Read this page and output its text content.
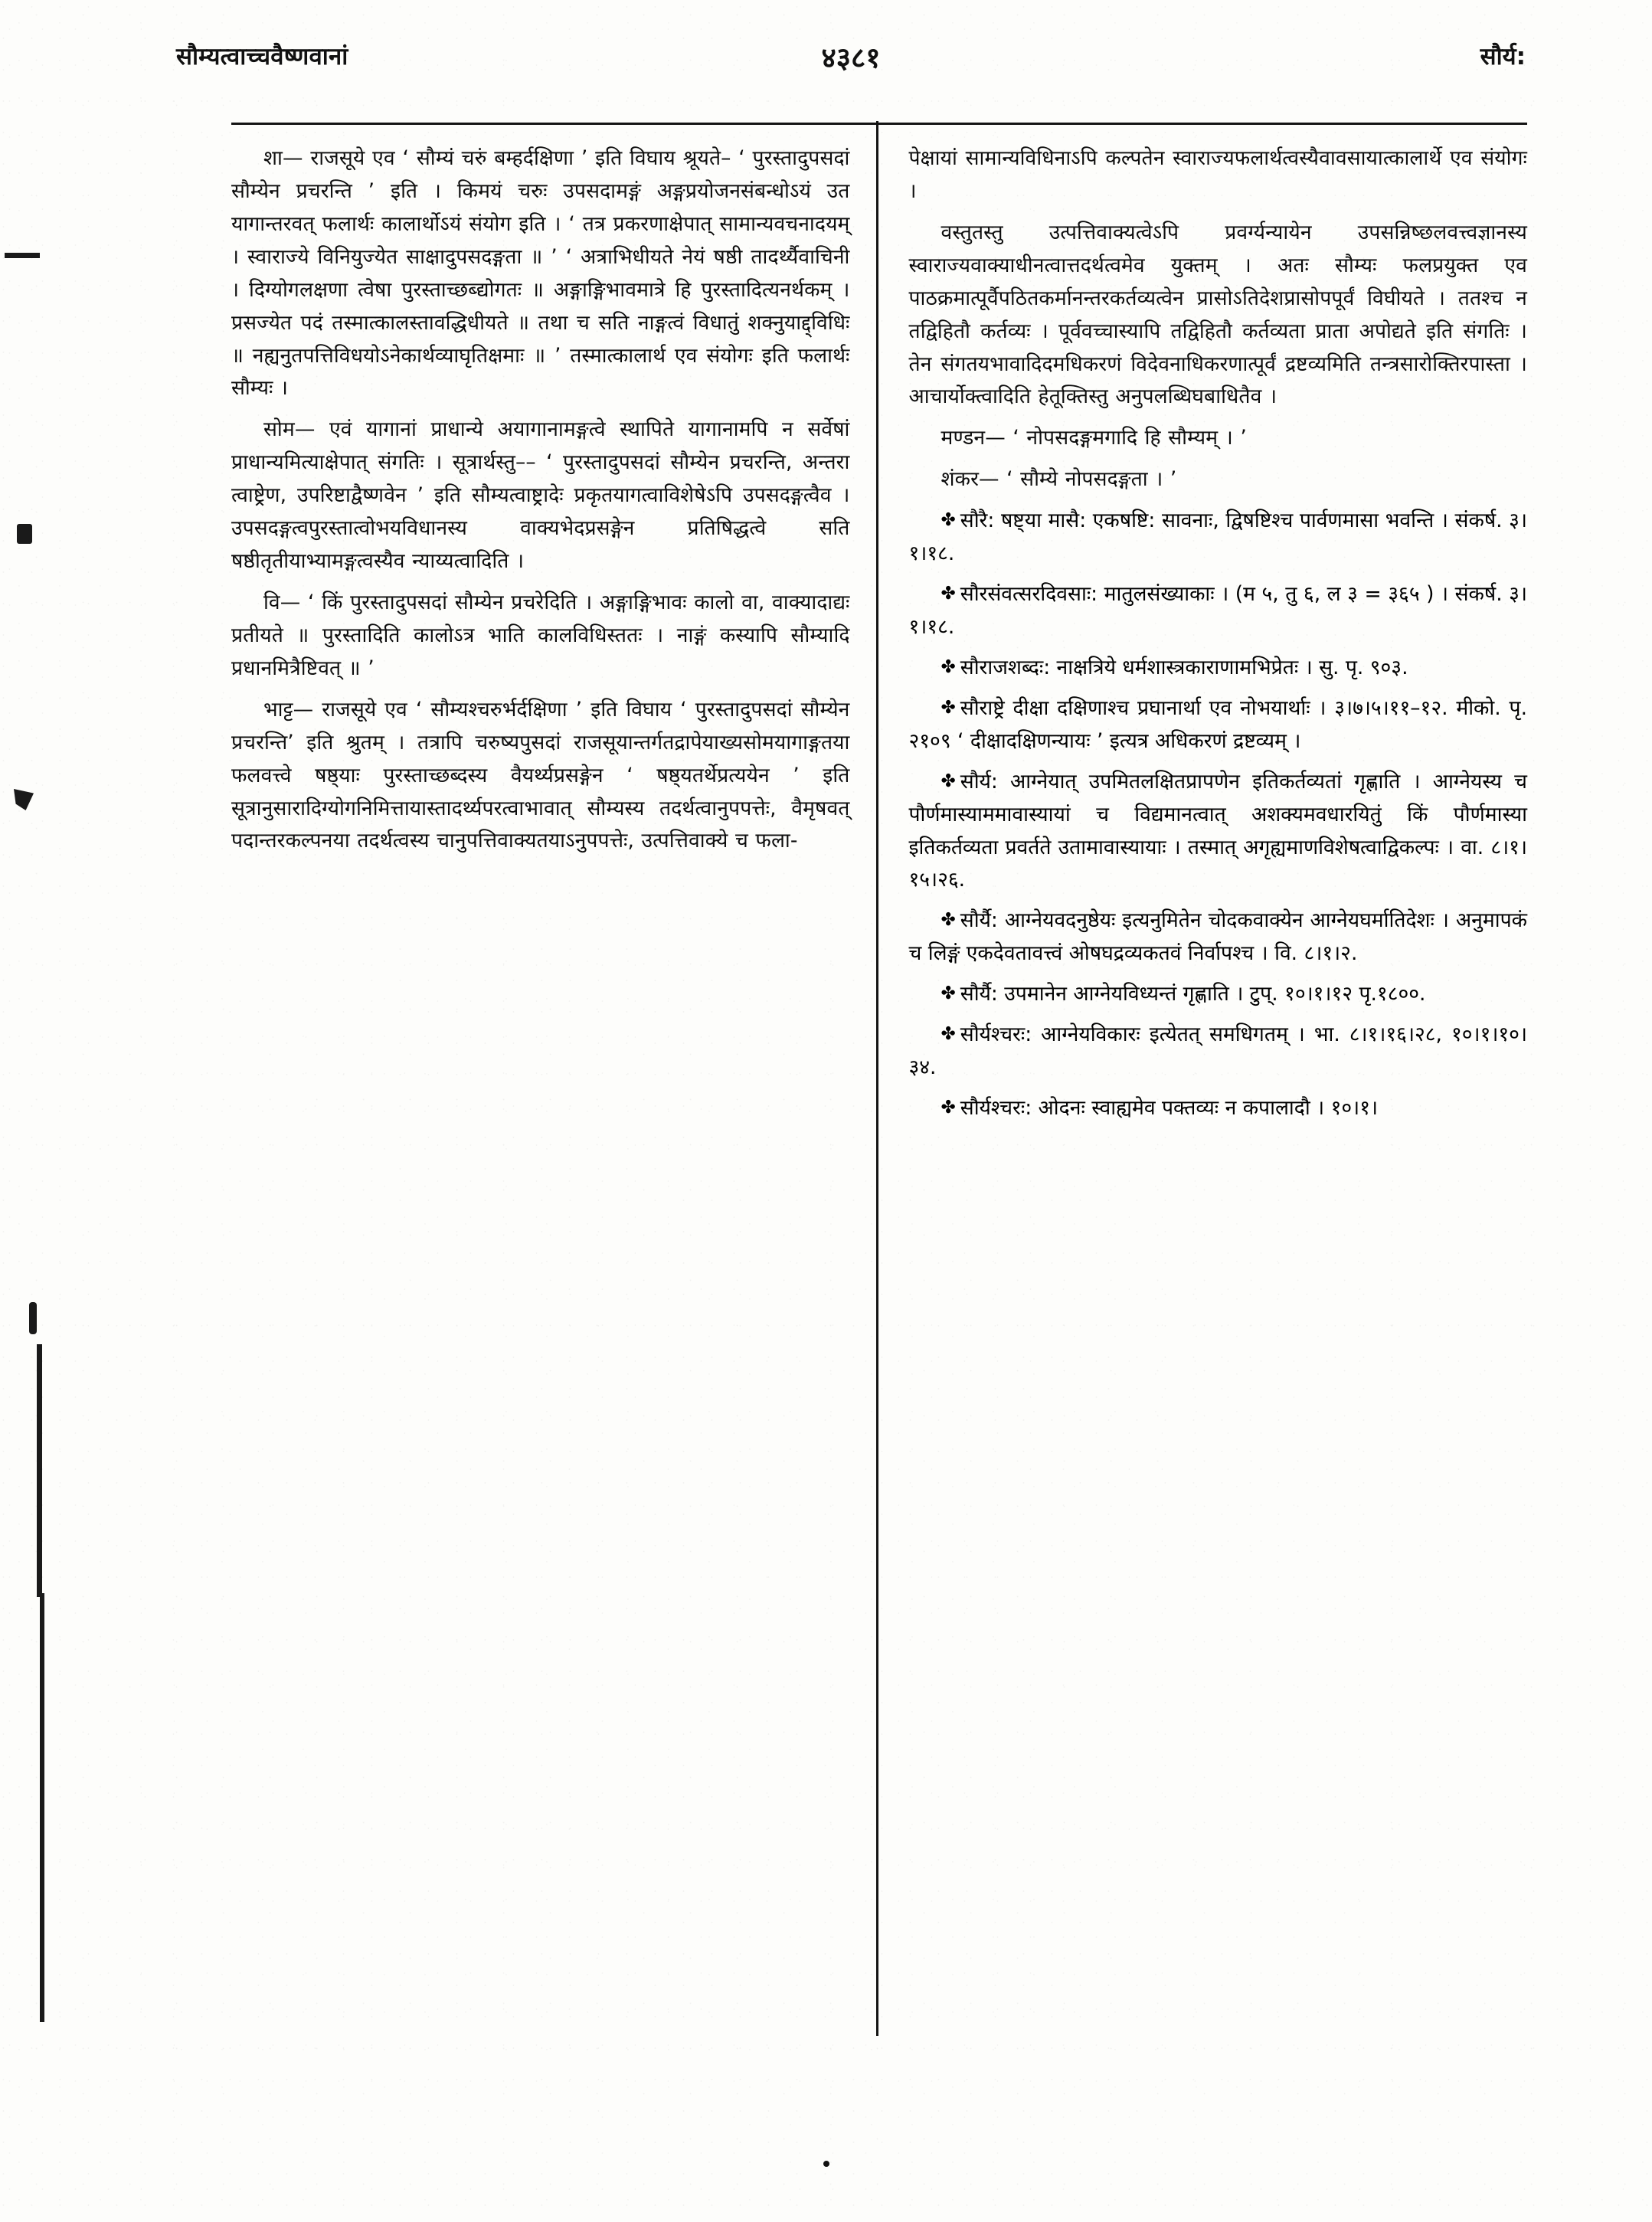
सौम्यत्वाच्चवैष्णवानां	४३८१	सौर्य:

शा— राजसूये एव ‘ सौम्यं चरुं बम्हर्दक्षिणा ’ इति विघाय श्रूयते– ‘ पुरस्तादुपसदां सौम्येन प्रचरन्ति ’ इति । किमयं चरुः उपसदामङ्गं अङ्गप्रयोजनसंबन्धोऽयं उत यागान्तरवत् फलार्थः कालार्थोऽयं संयोग इति । ‘ तत्र प्रकरणाक्षेपात् सामान्यवचनादयम् । स्वाराज्ये विनियुज्येत साक्षादुपसदङ्गता ॥ ’ ‘ अत्राभिधीयते नेयं षष्ठी तादर्थ्यैवाचिनी । दिग्योगलक्षणा त्वेषा पुरस्ताच्छब्द्योगतः ॥ अङ्गाङ्गिभावमात्रे हि पुरस्तादित्यनर्थकम् । प्रसज्येत पदं तस्मात्कालस्तावद्धिधीयते ॥ तथा च सति नाङ्गत्वं विधातुं शक्नुयाद्द्विधिः ॥ नह्यनुतपत्तिविधयोऽनेकार्थव्याघृतिक्षमाः ॥ ’ तस्मात्कालार्थ एव संयोगः इति फलार्थः सौम्यः ।

सोम— एवं यागानां प्राधान्ये अयागानामङ्गत्वे स्थापिते यागानामपि न सर्वेषां प्राधान्यमित्याक्षेपात् संगतिः । सूत्रार्थस्तु–– ‘ पुरस्तादुपसदां सौम्येन प्रचरन्ति, अन्तरा त्वाष्ट्रेण, उपरिष्टाद्वैष्णवेन ’ इति सौम्यत्वाष्ट्रादेः प्रकृतयागत्वाविशेषेऽपि उपसदङ्गत्वैव । उपसदङ्गत्वपुरस्तात्वोभयविधानस्य वाक्यभेदप्रसङ्गेन प्रतिषिद्धत्वे सति षष्ठीतृतीयाभ्यामङ्गत्वस्यैव न्याय्यत्वादिति ।

वि— ‘ किं पुरस्तादुपसदां सौम्येन प्रचरेदिति । अङ्गाङ्गिभावः कालो वा, वाक्यादाद्यः प्रतीयते ॥ पुरस्तादिति कालोऽत्र भाति कालविधिस्ततः । नाङ्गं कस्यापि सौम्यादि प्रधानमित्रैष्टिवत् ॥ ’

भाट्ट— राजसूये एव ‘ सौम्यश्चरुर्भर्दक्षिणा ’ इति विघाय ‘ पुरस्तादुपसदां सौम्येन प्रचरन्ति’ इति श्रुतम् । तत्रापि चरुष्यपुसदां राजसूयान्तर्गतद्रापेयाख्यसोमयागाङ्गतया फलवत्त्वे षष्ठ्याः पुरस्ताच्छब्दस्य वैयर्थ्यप्रसङ्गेन ‘ षष्ठ्यतर्थेप्रत्ययेन ’ इति सूत्रानुसारादिग्योगनिमित्तायास्तादर्थ्यपरत्वाभावात् सौम्यस्य तदर्थत्वानुपपत्तेः, वैमृषवत् पदान्तरकल्पनया तदर्थत्वस्य चानुपत्तिवाक्यतयाऽनुपपत्तेः, उत्पत्तिवाक्ये च फला-

पेक्षायां सामान्यविधिनाऽपि कल्पतेन स्वाराज्यफलार्थत्वस्यैवावसायात्कालार्थे एव संयोगः ।

वस्तुतस्तु उत्पत्तिवाक्यत्वेऽपि प्रवर्ग्यन्यायेन उपसन्निष्छलवत्त्वज्ञानस्य स्वाराज्यवाक्याधीनत्वात्तदर्थत्वमेव युक्तम् । अतः सौम्यः फलप्रयुक्त एव पाठक्रमात्पूर्वैपठितकर्मानन्तरकर्तव्यत्वेन प्रासोऽतिदेशप्रासोपपूर्वं विघीयते । ततश्च न तद्विहितौ कर्तव्यः । पूर्ववच्चास्यापि तद्विहितौ कर्तव्यता प्राता अपोद्यते इति संगतिः । तेन संगतयभावादिदमधिकरणं विदेवनाधिकरणात्पूर्वं द्रष्टव्यमिति तन्त्रसारोक्तिरपास्ता । आचार्योक्त्वादिति हेतूक्तिस्तु अनुपलब्धिघबाधितैव ।

मण्डन— ‘ नोपसदङ्गमगादि हि सौम्यम् । ’

शंकर— ‘ सौम्ये नोपसदङ्गता । ’

✤ सौरै: षष्ट्या मासै: एकषष्टि: सावनाः, द्विषष्टिश्च पार्वणमासा भवन्ति । संकर्ष. ३।१।१८.

✤ सौरसंवत्सरदिवसाः: मातुलसंख्याकाः । (म ५, तु ६, ल ३ = ३६५ ) । संकर्ष. ३।१।१८.

✤ सौराजशब्दः: नाक्षत्रिये धर्मशास्त्रकाराणामभिप्रेतः । सु. पृ. ९०३.

✤ सौराष्ट्रे दीक्षा दक्षिणाश्च प्रघानार्था एव नोभयार्थाः । ३।७।५।११–१२. मीको. पृ. २१०९ ‘ दीक्षादक्षिणन्यायः ’ इत्यत्र अधिकरणं द्रष्टव्यम् ।

✤ सौर्य: आग्नेयात् उपमितलक्षितप्रापणेन इतिकर्तव्यतां गृह्णाति । आग्नेयस्य च पौर्णमास्याममावास्यायां च विद्यमानत्वात् अशक्यमवधारयितुं किं पौर्णमास्या इतिकर्तव्यता प्रवर्तते उतामावास्यायाः । तस्मात् अगृह्यमाणविशेषत्वाद्विकल्पः । वा. ८।१।१५।२६.

✤ सौर्यै: आग्नेयवदनुष्ठेयः इत्यनुमितेन चोदकवाक्येन आग्नेयघर्मातिदेशः । अनुमापकं च लिङ्गं एकदेवतावत्त्वं ओषघद्रव्यकतवं निर्वापश्च । वि. ८।१।२.

✤ सौर्यै: उपमानेन आग्नेयविध्यन्तं गृह्णाति । टुप्. १०।१।१२ पृ.१८००.

✤ सौर्यश्चरः: आग्नेयविकारः इत्येतत् समधिगतम् । भा. ८।१।१६।२८, १०।१।१०।३४.

✤ सौर्यश्चरः: ओदनः स्वाह्यमेव पक्तव्यः न कपालादौ । १०।१।
